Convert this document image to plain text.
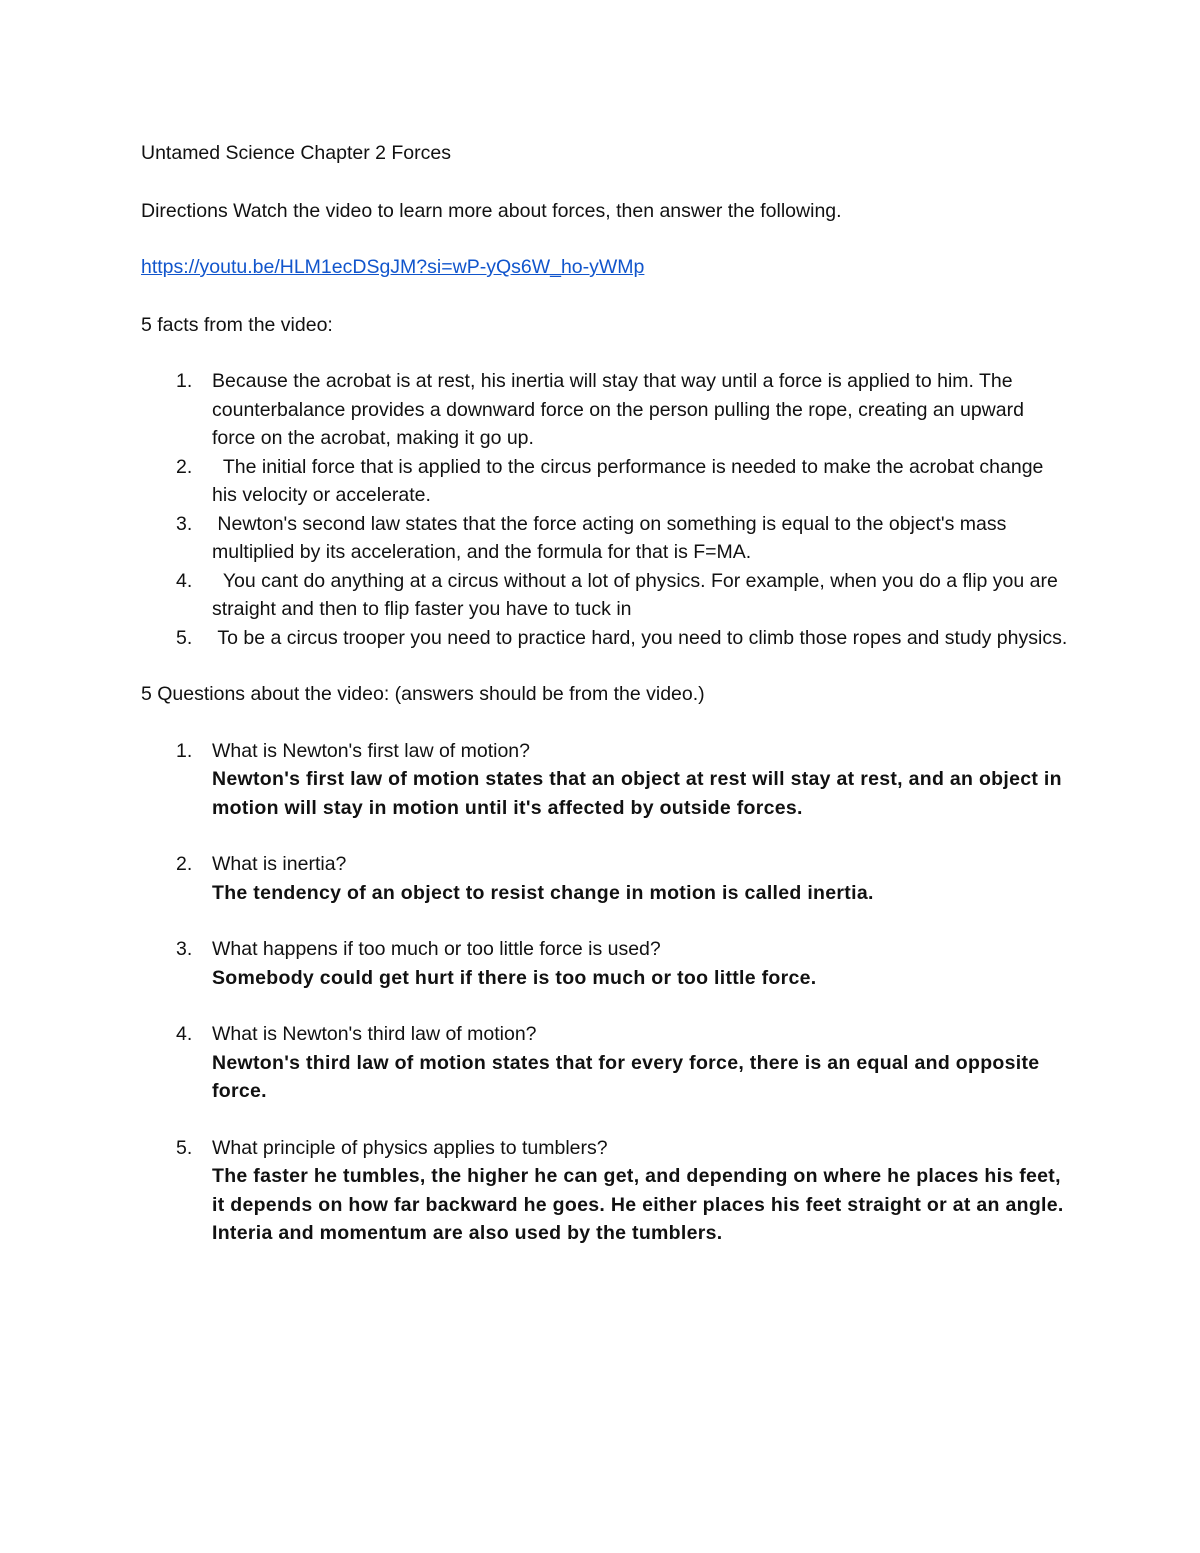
Untamed Science Chapter 2 Forces
Directions Watch the video to learn more about forces, then answer the following.
https://youtu.be/HLM1ecDSgJM?si=wP-yQs6W_ho-yWMp
5 facts from the video:
1. Because the acrobat is at rest, his inertia will stay that way until a force is applied to him. The counterbalance provides a downward force on the person pulling the rope, creating an upward force on the acrobat, making it go up.
2. The initial force that is applied to the circus performance is needed to make the acrobat change his velocity or accelerate.
3. Newton's second law states that the force acting on something is equal to the object's mass multiplied by its acceleration, and the formula for that is F=MA.
4. You cant do anything at a circus without a lot of physics. For example, when you do a flip you are straight and then to flip faster you have to tuck in
5. To be a circus trooper you need to practice hard, you need to climb those ropes and study physics.
5 Questions about the video: (answers should be from the video.)
1. What is Newton's first law of motion?
Newton's first law of motion states that an object at rest will stay at rest, and an object in motion will stay in motion until it's affected by outside forces.
2. What is inertia?
The tendency of an object to resist change in motion is called inertia.
3. What happens if too much or too little force is used?
Somebody could get hurt if there is too much or too little force.
4. What is Newton's third law of motion?
Newton's third law of motion states that for every force, there is an equal and opposite force.
5. What principle of physics applies to tumblers?
The faster he tumbles, the higher he can get, and depending on where he places his feet, it depends on how far backward he goes. He either places his feet straight or at an angle. Interia and momentum are also used by the tumblers.
